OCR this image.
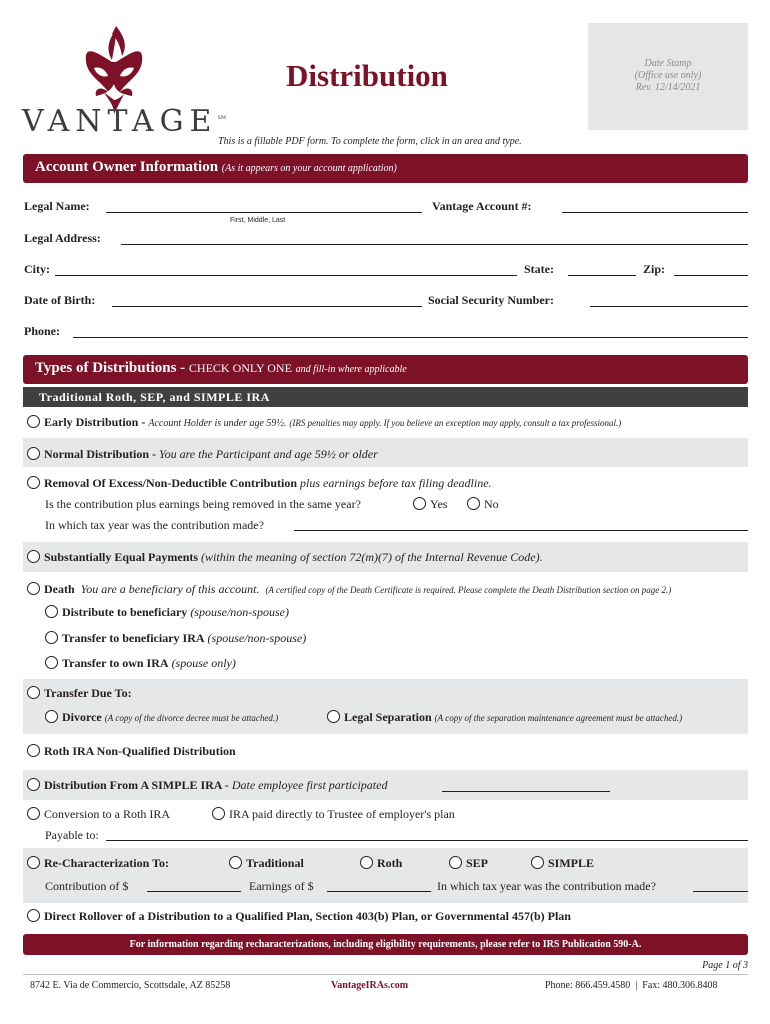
VANTAGE℠
Distribution	Date Stamp
(Office use only)
Rev. 12/14/2021
This is a fillable PDF form. To complete the form, click in an area and type.
Account Owner Information (As it appears on your account application)
Legal Name:
First, Middle, Last
Vantage Account #:
Legal Address:
City:	State:	Zip:
Date of Birth:	Social Security Number:
Phone:
Types of Distributions - CHECK ONLY ONE and fill-in where applicable
Traditional Roth, SEP, and SIMPLE IRA
Early Distribution - Account Holder is under age 59½. (IRS penalties may apply. If you believe an exception may apply, consult a tax professional.)
Normal Distribution - You are the Participant and age 59½ or older
Removal Of Excess/Non-Deductible Contribution plus earnings before tax filing deadline.
Is the contribution plus earnings being removed in the same year?	Yes	No
In which tax year was the contribution made?
Substantially Equal Payments (within the meaning of section 72(m)(7) of the Internal Revenue Code).
Death You are a beneficiary of this account. (A certified copy of the Death Certificate is required. Please complete the Death Distribution section on page 2.)
Distribute to beneficiary (spouse/non-spouse)
Transfer to beneficiary IRA (spouse/non-spouse)
Transfer to own IRA (spouse only)
Transfer Due To:
Divorce (A copy of the divorce decree must be attached.)	Legal Separation (A copy of the separation maintenance agreement must be attached.)
Roth IRA Non-Qualified Distribution
Distribution From A SIMPLE IRA - Date employee first participated
Conversion to a Roth IRA	IRA paid directly to Trustee of employer's plan
Payable to:
Re-Characterization To:	Traditional	Roth	SEP	SIMPLE
Contribution of $	Earnings of $	In which tax year was the contribution made?
Direct Rollover of a Distribution to a Qualified Plan, Section 403(b) Plan, or Governmental 457(b) Plan
For information regarding recharacterizations, including eligibility requirements, please refer to IRS Publication 590-A.
Page 1 of 3
8742 E. Via de Commercio, Scottsdale, AZ 85258	VantageIRAs.com	Phone: 866.459.4580  |  Fax: 480.306.8408
